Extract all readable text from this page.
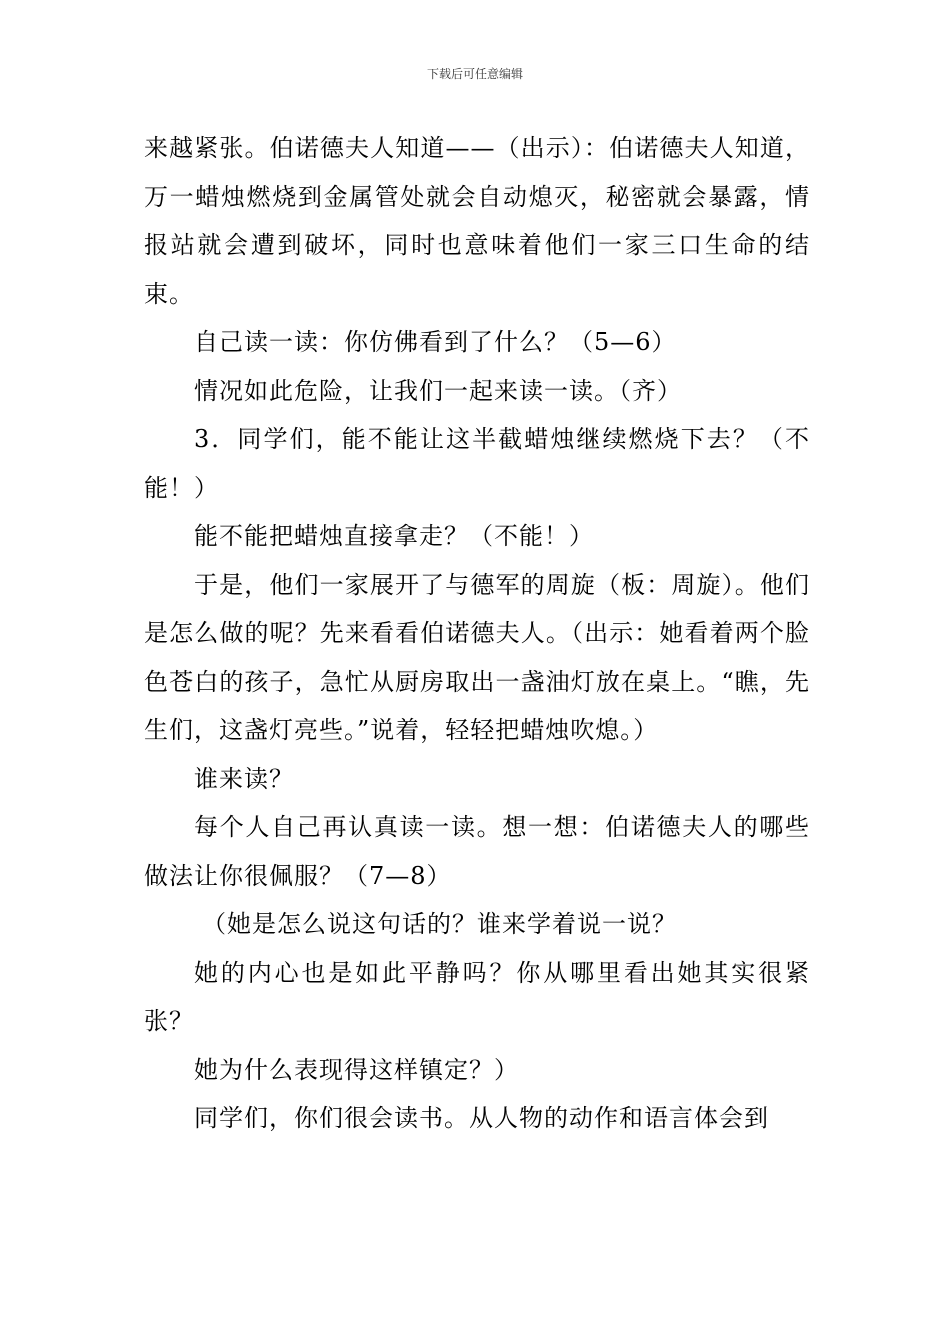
下载后可任意编辑

来越紧张。伯诺德夫人知道——（出示）：伯诺德夫人知道，万一蜡烛燃烧到金属管处就会自动熄灭，秘密就会暴露，情报站就会遭到破坏，同时也意味着他们一家三口生命的结束。

自己读一读：你仿佛看到了什么？（5—6）

情况如此危险，让我们一起来读一读。（齐）

3．同学们，能不能让这半截蜡烛继续燃烧下去？（不能！）

能不能把蜡烛直接拿走？（不能！）

于是，他们一家展开了与德军的周旋（板：周旋）。他们是怎么做的呢？先来看看伯诺德夫人。（出示：她看着两个脸色苍白的孩子，急忙从厨房取出一盏油灯放在桌上。“瞧，先生们，这盏灯亮些。”说着，轻轻把蜡烛吹熄。）

谁来读？

每个人自己再认真读一读。想一想：伯诺德夫人的哪些做法让你很佩服？（7—8）

（她是怎么说这句话的？谁来学着说一说？

她的内心也是如此平静吗？你从哪里看出她其实很紧张？

她为什么表现得这样镇定？）

同学们，你们很会读书。从人物的动作和语言体会到
